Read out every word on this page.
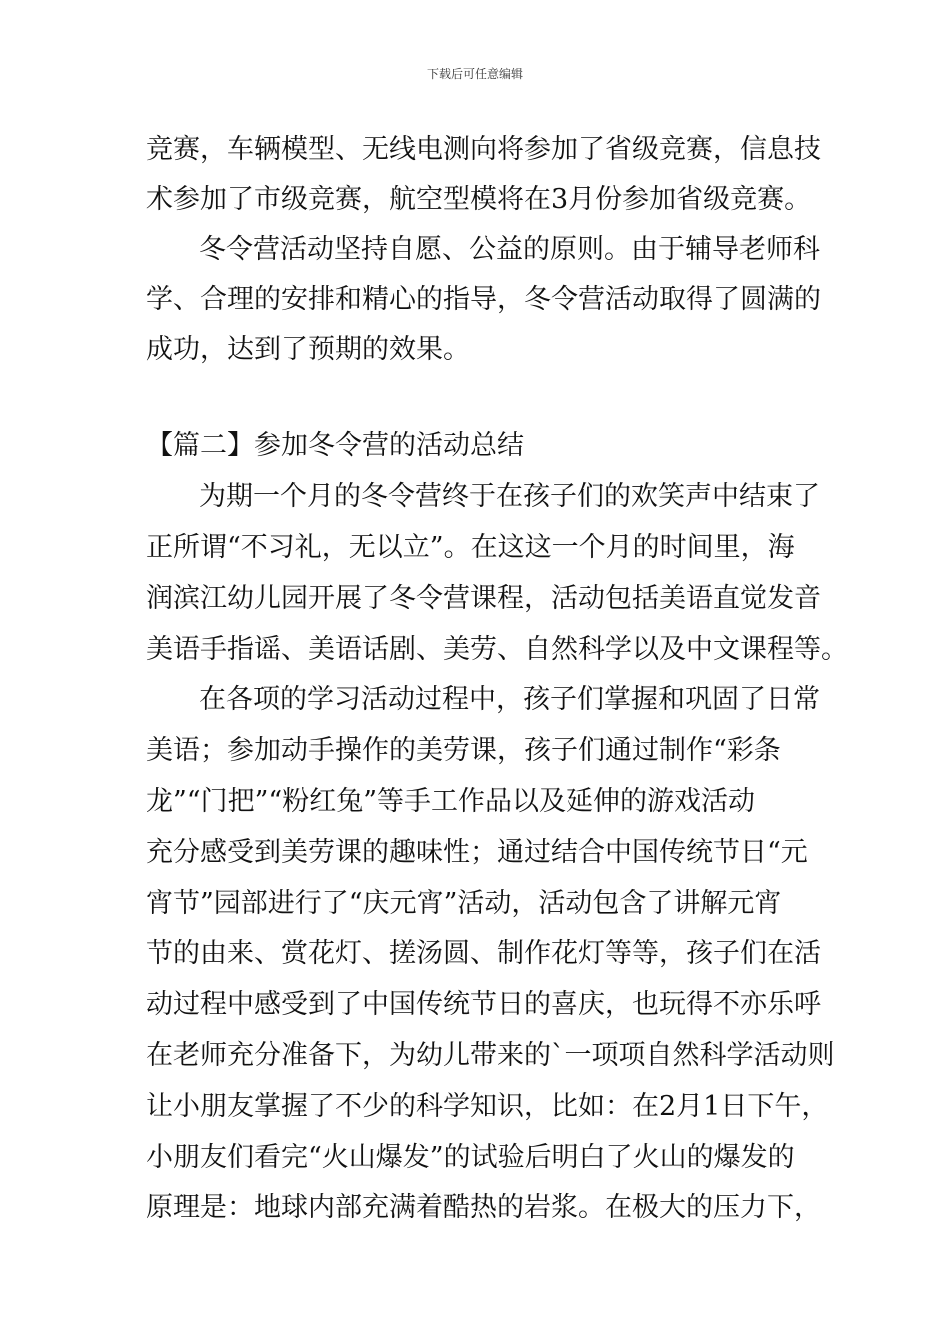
下载后可任意编辑
竞赛，车辆模型、无线电测向将参加了省级竞赛，信息技
术参加了市级竞赛，航空型模将在3月份参加省级竞赛。
冬令营活动坚持自愿、公益的原则。由于辅导老师科
学、合理的安排和精心的指导，冬令营活动取得了圆满的
成功，达到了预期的效果。
【篇二】参加冬令营的活动总结
为期一个月的冬令营终于在孩子们的欢笑声中结束了
正所谓“不习礼，无以立”。在这这一个月的时间里，海
润滨江幼儿园开展了冬令营课程，活动包括美语直觉发音
美语手指谣、美语话剧、美劳、自然科学以及中文课程等。
在各项的学习活动过程中，孩子们掌握和巩固了日常
美语；参加动手操作的美劳课，孩子们通过制作“彩条
龙”“门把”“粉红兔”等手工作品以及延伸的游戏活动
充分感受到美劳课的趣味性；通过结合中国传统节日“元
宵节”园部进行了“庆元宵”活动，活动包含了讲解元宵
节的由来、赏花灯、搓汤圆、制作花灯等等，孩子们在活
动过程中感受到了中国传统节日的喜庆，也玩得不亦乐呼
在老师充分准备下，为幼儿带来的`一项项自然科学活动则
让小朋友掌握了不少的科学知识，比如：在2月1日下午，
小朋友们看完“火山爆发”的试验后明白了火山的爆发的
原理是：地球内部充满着酷热的岩浆。在极大的压力下，
